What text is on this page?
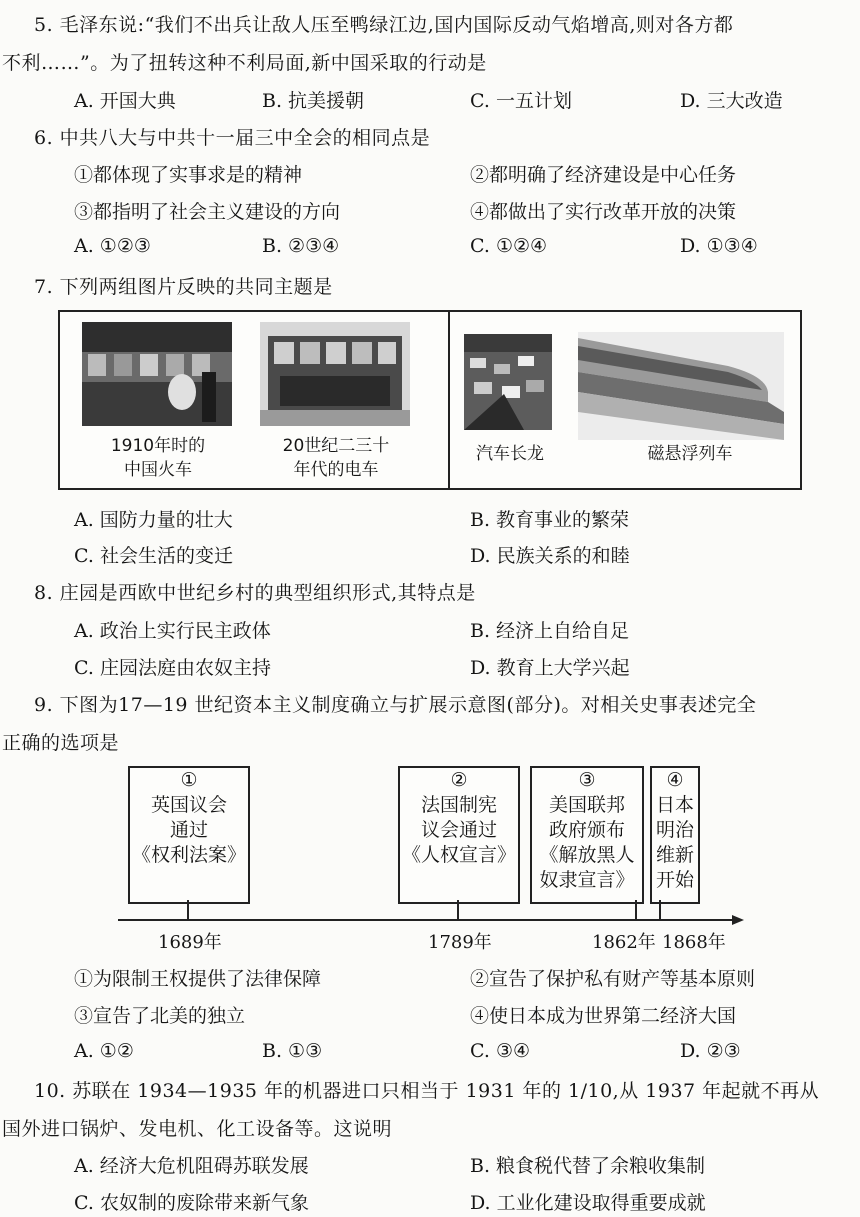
5. 毛泽东说:“我们不出兵让敌人压至鸭绿江边,国内国际反动气焰增高,则对各方都
不利……”。为了扭转这种不利局面,新中国采取的行动是
A. 开国大典	B. 抗美援朝	C. 一五计划	D. 三大改造
6. 中共八大与中共十一届三中全会的相同点是
①都体现了实事求是的精神	②都明确了经济建设是中心任务
③都指明了社会主义建设的方向	④都做出了实行改革开放的决策
A. ①②③	B. ②③④	C. ①②④	D. ①③④
7. 下列两组图片反映的共同主题是
1910年时的
中国火车
20世纪二三十
年代的电车
汽车长龙	磁悬浮列车
A. 国防力量的壮大	B. 教育事业的繁荣
C. 社会生活的变迁	D. 民族关系的和睦
8. 庄园是西欧中世纪乡村的典型组织形式,其特点是
A. 政治上实行民主政体	B. 经济上自给自足
C. 庄园法庭由农奴主持	D. 教育上大学兴起
9. 下图为17—19 世纪资本主义制度确立与扩展示意图(部分)。对相关史事表述完全
正确的选项是
①
英国议会
通过
《权利法案》
②
法国制宪
议会通过
《人权宣言》
③
美国联邦
政府颁布
《解放黑人
奴隶宣言》
④
日本
明治
维新
开始
1689年	1789年	1862年 1868年
①为限制王权提供了法律保障	②宣告了保护私有财产等基本原则
③宣告了北美的独立	④使日本成为世界第二经济大国
A. ①②	B. ①③	C. ③④	D. ②③
10. 苏联在 1934—1935 年的机器进口只相当于 1931 年的 1/10,从 1937 年起就不再从
国外进口锅炉、发电机、化工设备等。这说明
A. 经济大危机阻碍苏联发展	B. 粮食税代替了余粮收集制
C. 农奴制的废除带来新气象	D. 工业化建设取得重要成就
